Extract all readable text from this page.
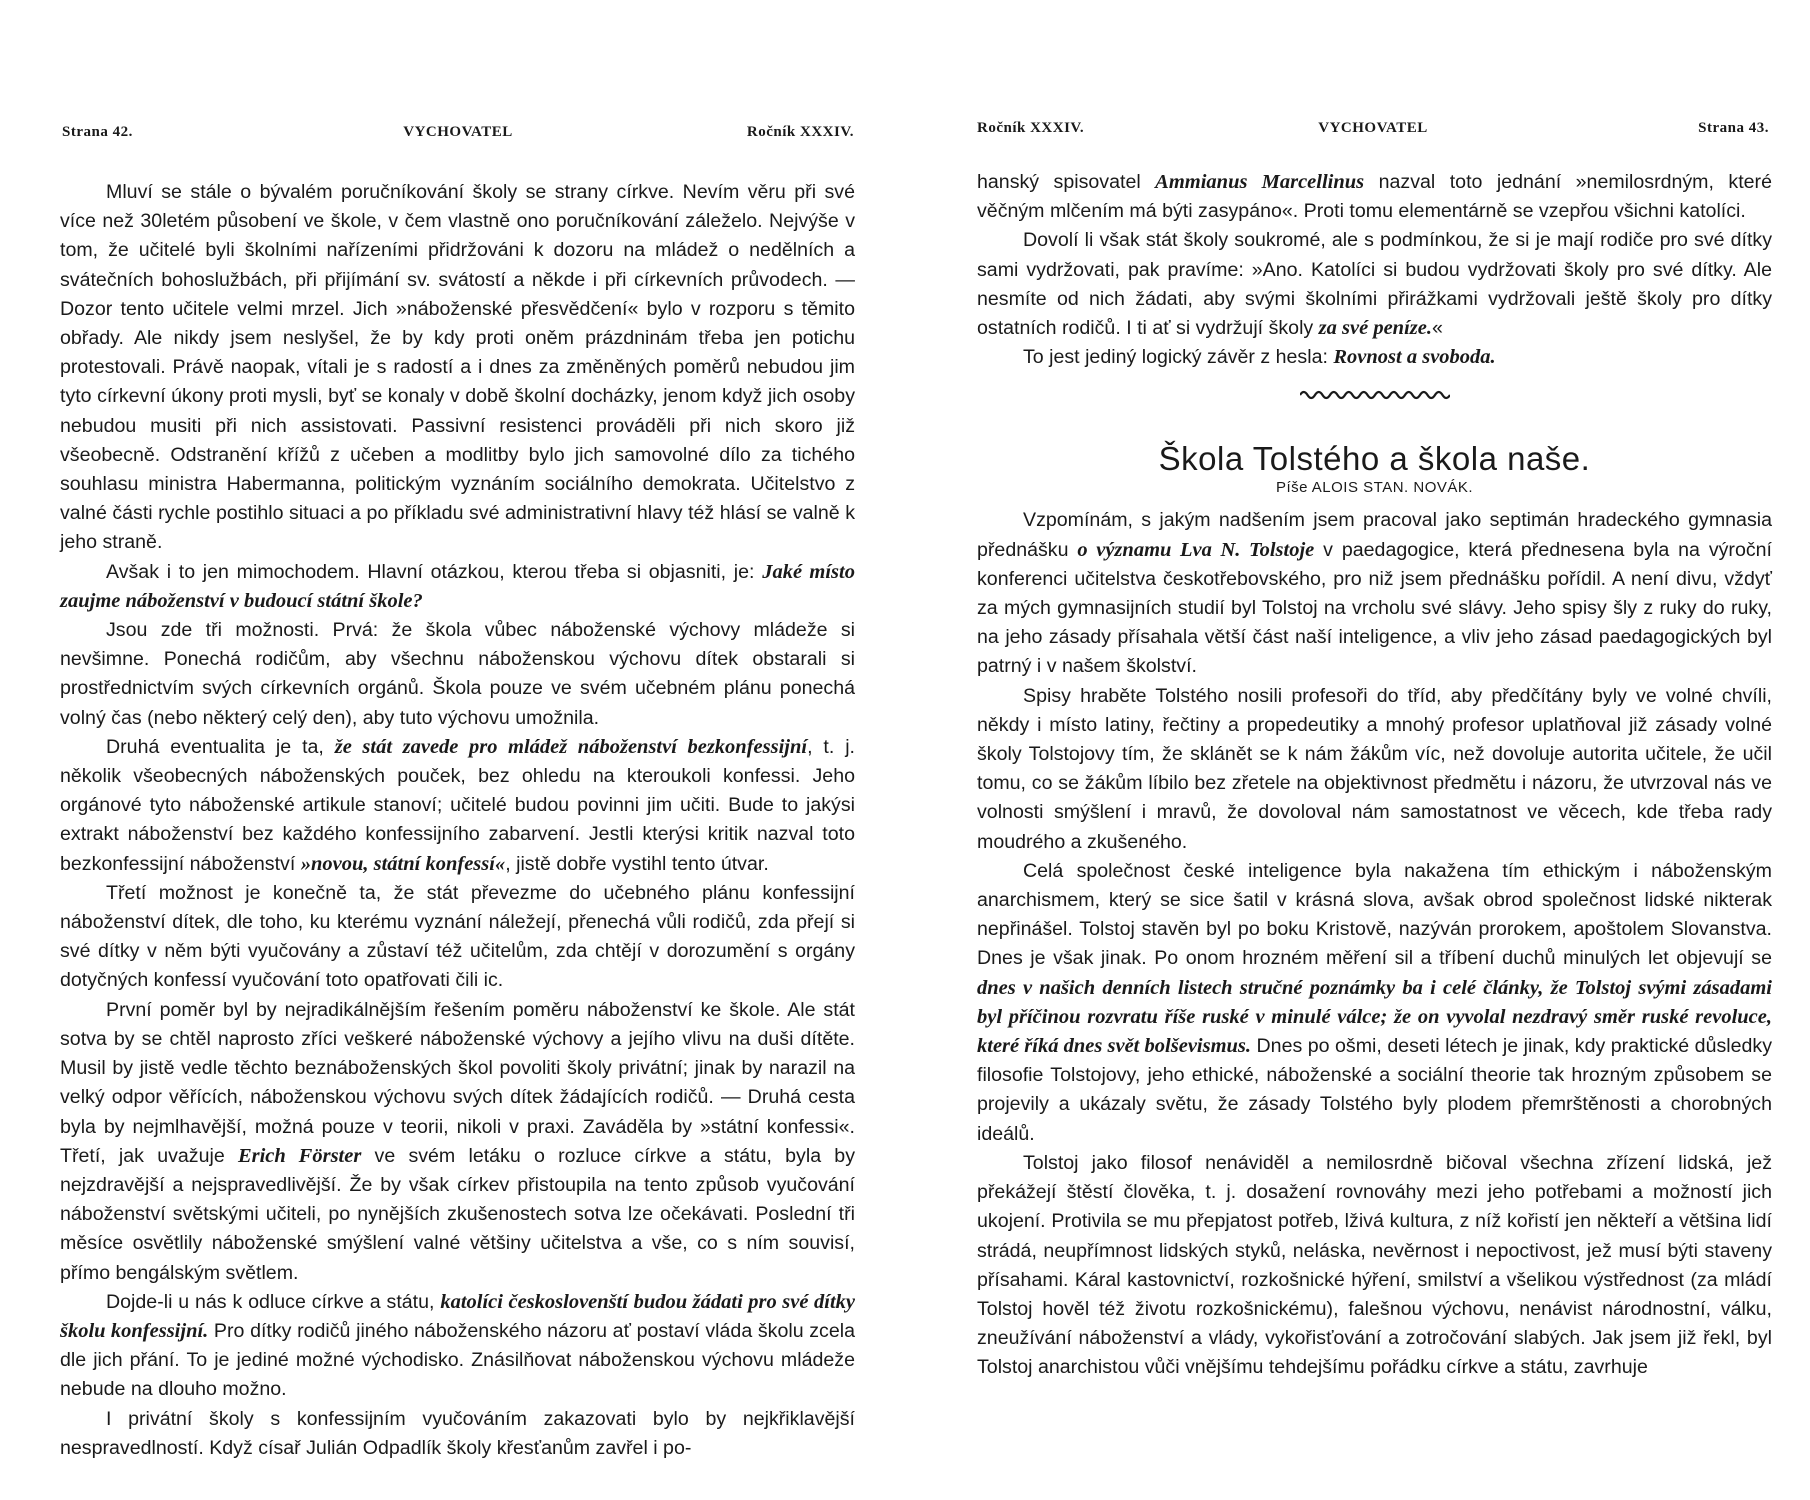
Strana 42.	VYCHOVATEL	Ročník XXXIV.

Mluví se stále o bývalém poručníkování školy se strany církve. Nevím věru při své více než 30letém působení ve škole, v čem vlastně ono poručníkování záleželo. Nejvýše v tom, že učitelé byli školními nařízeními přidržováni k dozoru na mládež o nedělních a svátečních bohoslužbách, při přijímání sv. svátostí a někde i při církevních průvodech. — Dozor tento učitele velmi mrzel. Jich »náboženské přesvědčení« bylo v rozporu s těmito obřady. Ale nikdy jsem neslyšel, že by kdy proti oněm prázdninám třeba jen potichu protestovali. Právě naopak, vítali je s radostí a i dnes za změněných poměrů nebudou jim tyto církevní úkony proti mysli, byť se konaly v době školní docházky, jenom když jich osoby nebudou musiti při nich assistovati. Passivní resistenci prováděli při nich skoro již všeobecně. Odstranění křížů z učeben a modlitby bylo jich samovolné dílo za tichého souhlasu ministra Habermanna, politickým vyznáním sociálního demokrata. Učitelstvo z valné části rychle postihlo situaci a po příkladu své administrativní hlavy též hlásí se valně k jeho straně.

Avšak i to jen mimochodem. Hlavní otázkou, kterou třeba si objasniti, je: Jaké místo zaujme náboženství v budoucí státní škole?

Jsou zde tři možnosti. Prvá: že škola vůbec náboženské výchovy mládeže si nevšimne. Ponechá rodičům, aby všechnu náboženskou výchovu dítek obstarali si prostřednictvím svých církevních orgánů. Škola pouze ve svém učebném plánu ponechá volný čas (nebo některý celý den), aby tuto výchovu umožnila.

Druhá eventualita je ta, že stát zavede pro mládež náboženství bezkonfessijní, t. j. několik všeobecných náboženských pouček, bez ohledu na kteroukoli konfessi. Jeho orgánové tyto náboženské artikule stanoví; učitelé budou povinni jim učiti. Bude to jakýsi extrakt náboženství bez každého konfessijního zabarvení. Jestli kterýsi kritik nazval toto bezkonfessijní náboženství »novou, státní konfessí«, jistě dobře vystihl tento útvar.

Třetí možnost je konečně ta, že stát převezme do učebného plánu konfessijní náboženství dítek, dle toho, ku kterému vyznání náležejí, přenechá vůli rodičů, zda přejí si své dítky v něm býti vyučovány a zůstaví též učitelům, zda chtějí v dorozumění s orgány dotyčných konfessí vyučování toto opatřovati čili ic.

První poměr byl by nejradikálnějším řešením poměru náboženství ke škole. Ale stát sotva by se chtěl naprosto zříci veškeré náboženské výchovy a jejího vlivu na duši dítěte. Musil by jistě vedle těchto beznáboženských škol povoliti školy privátní; jinak by narazil na velký odpor věřících, náboženskou výchovu svých dítek žádajících rodičů. — Druhá cesta byla by nejmlhavější, možná pouze v teorii, nikoli v praxi. Zaváděla by »státní konfessi«. Třetí, jak uvažuje Erich Förster ve svém letáku o rozluce církve a státu, byla by nejzdravější a nejspravedlivější. Že by však církev přistoupila na tento způsob vyučování náboženství světskými učiteli, po nynějších zkušenostech sotva lze očekávati. Poslední tři měsíce osvětlily náboženské smýšlení valné většiny učitelstva a vše, co s ním souvisí, přímo bengálským světlem.

Dojde-li u nás k odluce církve a státu, katolíci českoslovenští budou žádati pro své dítky školu konfessijní. Pro dítky rodičů jiného náboženského názoru ať postaví vláda školu zcela dle jich přání. To je jediné možné východisko. Znásilňovat náboženskou výchovu mládeže nebude na dlouho možno.

I privátní školy s konfessijním vyučováním zakazovati bylo by nejkřiklavější nespravedlností. Když císař Julián Odpadlík školy křesťanům zavřel i po-

Ročník XXXIV.	VYCHOVATEL	Strana 43.

hanský spisovatel Ammianus Marcellinus nazval toto jednání »nemilosrdným, které věčným mlčením má býti zasypáno«. Proti tomu elementárně se vzepřou všichni katolíci.

Dovolí li však stát školy soukromé, ale s podmínkou, že si je mají rodiče pro své dítky sami vydržovati, pak pravíme: »Ano. Katolíci si budou vydržovati školy pro své dítky. Ale nesmíte od nich žádati, aby svými školními přirážkami vydržovali ještě školy pro dítky ostatních rodičů. I ti ať si vydržují školy za své peníze.«

To jest jediný logický závěr z hesla: Rovnost a svoboda.

Škola Tolstého a škola naše.
Píše ALOIS STAN. NOVÁK.

Vzpomínám, s jakým nadšením jsem pracoval jako septimán hradeckého gymnasia přednášku o významu Lva N. Tolstoje v paedagogice, která přednesena byla na výroční konferenci učitelstva českotřebovského, pro niž jsem přednášku pořídil. A není divu, vždyť za mých gymnasijních studií byl Tolstoj na vrcholu své slávy. Jeho spisy šly z ruky do ruky, na jeho zásady přísahala větší část naší inteligence, a vliv jeho zásad paedagogických byl patrný i v našem školství.

Spisy hraběte Tolstého nosili profesoři do tříd, aby předčítány byly ve volné chvíli, někdy i místo latiny, řečtiny a propedeutiky a mnohý profesor uplatňoval již zásady volné školy Tolstojovy tím, že sklánět se k nám žákům víc, než dovoluje autorita učitele, že učil tomu, co se žákům líbilo bez zřetele na objektivnost předmětu i názoru, že utvrzoval nás ve volnosti smýšlení i mravů, že dovoloval nám samostatnost ve věcech, kde třeba rady moudrého a zkušeného.

Celá společnost české inteligence byla nakažena tím ethickým i náboženským anarchismem, který se sice šatil v krásná slova, avšak obrod společnost lidské nikterak nepřinášel. Tolstoj stavěn byl po boku Kristově, nazýván prorokem, apoštolem Slovanstva. Dnes je však jinak. Po onom hrozném měření sil a tříbení duchů minulých let objevují se dnes v našich denních listech stručné poznámky ba i celé články, že Tolstoj svými zásadami byl příčinou rozvratu říše ruské v minulé válce; že on vyvolal nezdravý směr ruské revoluce, které říká dnes svět bolševismus. Dnes po ošmi, deseti létech je jinak, kdy praktické důsledky filosofie Tolstojovy, jeho ethické, náboženské a sociální theorie tak hrozným způsobem se projevily a ukázaly světu, že zásady Tolstého byly plodem přemrštěnosti a chorobných ideálů.

Tolstoj jako filosof nenáviděl a nemilosrdně bičoval všechna zřízení lidská, jež překážejí štěstí člověka, t. j. dosažení rovnováhy mezi jeho potřebami a možností jich ukojení. Protivila se mu přepjatost potřeb, lživá kultura, z níž kořistí jen někteří a většina lidí strádá, neupřímnost lidských styků, neláska, nevěrnost i nepoctivost, jež musí býti staveny přísahami. Káral kastovnictví, rozkošnické hýření, smilství a všelikou výstřednost (za mládí Tolstoj hověl též životu rozkošnickému), falešnou výchovu, nenávist národnostní, válku, zneužívání náboženství a vlády, vykořisťování a zotročování slabých. Jak jsem již řekl, byl Tolstoj anarchistou vůči vnějšímu tehdejšímu pořádku církve a státu, zavrhuje
